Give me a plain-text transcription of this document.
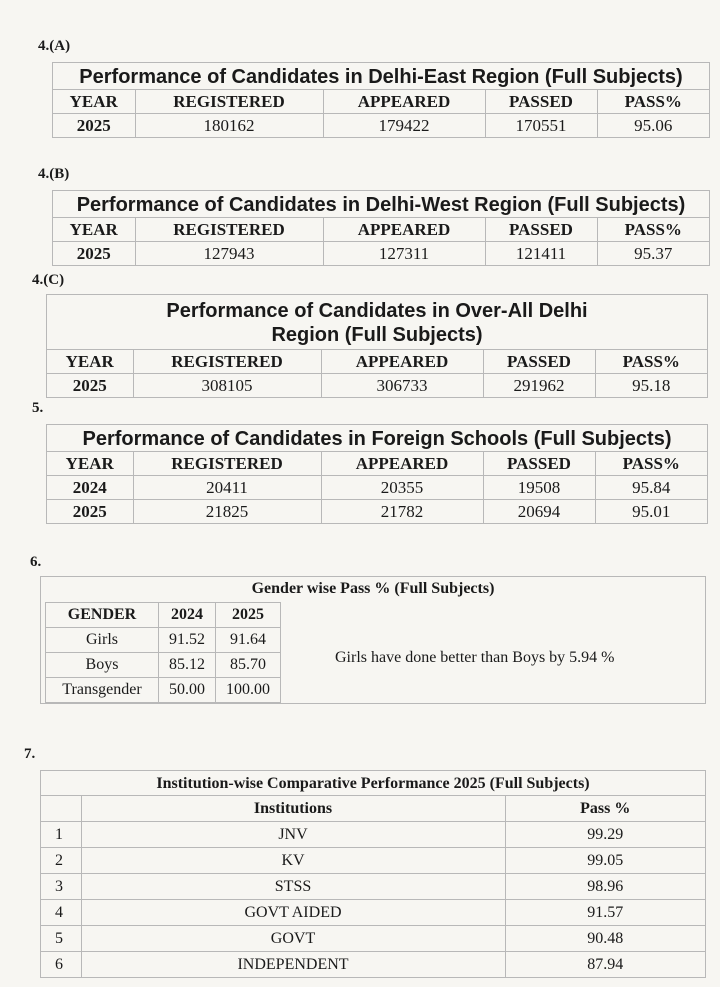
4.(A)
Performance of Candidates in Delhi-East Region (Full Subjects)
YEAR	REGISTERED	APPEARED	PASSED	PASS%
2025	180162	179422	170551	95.06
4.(B)
Performance of Candidates in Delhi-West Region (Full Subjects)
YEAR	REGISTERED	APPEARED	PASSED	PASS%
2025	127943	127311	121411	95.37
4.(C)
Performance of Candidates in Over-All Delhi Region (Full Subjects)
YEAR	REGISTERED	APPEARED	PASSED	PASS%
2025	308105	306733	291962	95.18
5.
Performance of Candidates in Foreign Schools (Full Subjects)
YEAR	REGISTERED	APPEARED	PASSED	PASS%
2024	20411	20355	19508	95.84
2025	21825	21782	20694	95.01
6.
Gender wise Pass % (Full Subjects)
GENDER	2024	2025
Girls	91.52	91.64
Boys	85.12	85.70
Transgender	50.00	100.00
Girls have done better than Boys by 5.94 %
7.
Institution-wise Comparative Performance 2025 (Full Subjects)
	Institutions	Pass %
1	JNV	99.29
2	KV	99.05
3	STSS	98.96
4	GOVT AIDED	91.57
5	GOVT	90.48
6	INDEPENDENT	87.94
